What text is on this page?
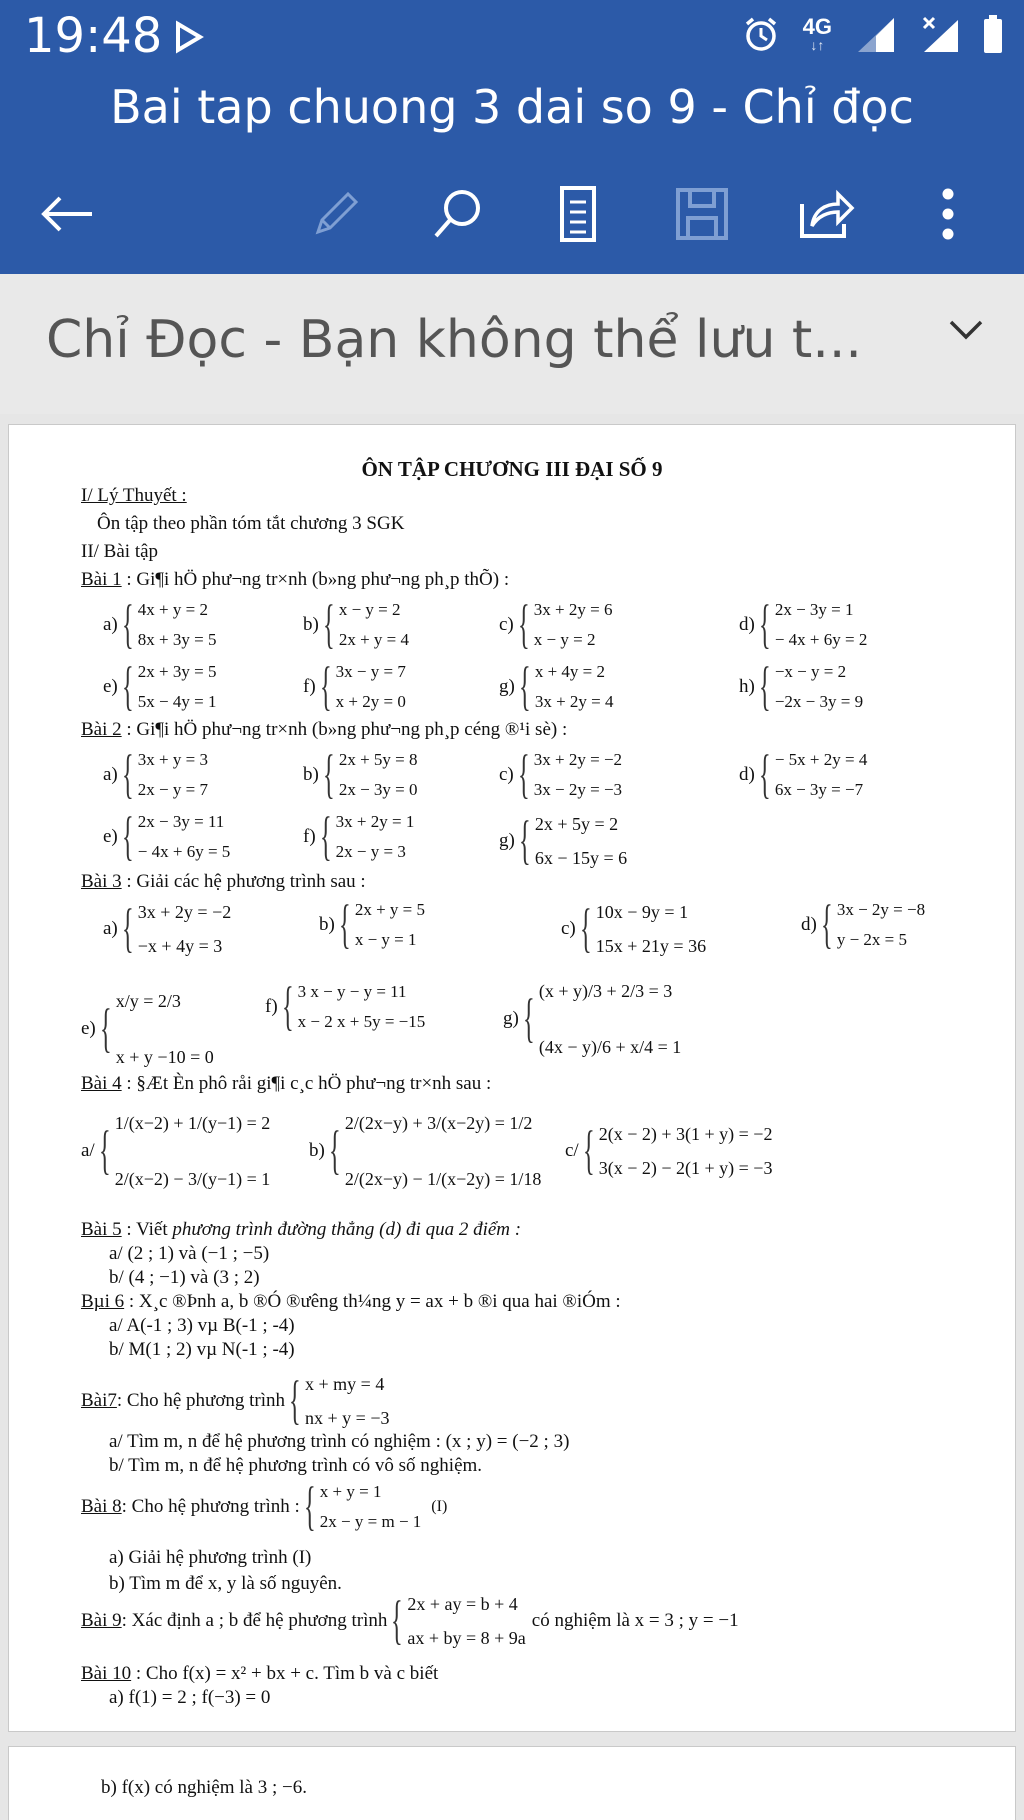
19:48	4G
↓↑
Bai tap chuong 3 dai so 9 - Chỉ đọc
Chỉ Đọc - Bạn không thể lưu t...
ÔN TẬP CHƯƠNG III ĐẠI SỐ 9
I/ Lý Thuyết :
Ôn tập theo phần tóm tắt chương 3 SGK
II/ Bài tập
Bài 1 : Gi¶i hÖ phư¬ng tr×nh (b»ng phư¬ng ph¸p thÕ) :
a) { 4x + y = 2
8x + 3y = 5
b) { x − y = 2
2x + y = 4
c) { 3x + 2y = 6
x − y = 2
d) { 2x − 3y = 1
− 4x + 6y = 2
e) { 2x + 3y = 5
5x − 4y = 1
f) { 3x − y = 7
x + 2y = 0
g) { x + 4y = 2
3x + 2y = 4
h) { −x − y = 2
−2x − 3y = 9
Bài 2 : Gi¶i hÖ phư¬ng tr×nh (b»ng phư¬ng ph¸p céng ®¹i sè) :
a) { 3x + y = 3
2x − y = 7
b) { 2x + 5y = 8
2x − 3y = 0
c) { 3x + 2y = −2
3x − 2y = −3
d) { − 5x + 2y = 4
6x − 3y = −7
e) { 2x − 3y = 11
− 4x + 6y = 5
f) { 3x + 2y = 1
2x − y = 3
g) { 2x + 5y = 2
6x − 15y = 6
Bài 3 : Giải các hệ phương trình sau :
a) { 3x + 2y = −2
−x + 4y = 3
b) { 2x + y = 5
x − y = 1
c) { 10x − 9y = 1
15x + 21y = 36
d) { 3x − 2y = −8
y − 2x = 5
e) { x/y = 2/3
x + y −10 = 0
f) { 3 x − y − y = 11
x − 2 x + 5y = −15	g) { (x + y)/3 + 2/3 = 3
(4x − y)/6 + x/4 = 1
Bài 4 : §Æt Èn phô råi gi¶i c¸c hÖ phư¬ng tr×nh sau :
a/ { 1/(x−2) + 1/(y−1) = 2
2/(x−2) − 3/(y−1) = 1
b) { 2/(2x−y) + 3/(x−2y) = 1/2
2/(2x−y) − 1/(x−2y) = 1/18
c/ { 2(x − 2) + 3(1 + y) = −2
3(x − 2) − 2(1 + y) = −3
Bài 5 : Viết phương trình đường thẳng (d) đi qua 2 điểm :
a/ (2 ; 1) và (−1 ; −5)
b/ (4 ; −1) và (3 ; 2)
Bµi 6 : X¸c ®Þnh a, b ®Ó ®ưêng th¼ng y = ax + b ®i qua hai ®iÓm :
a/ A(-1 ; 3) vµ B(-1 ; -4)
b/ M(1 ; 2) vµ N(-1 ; -4)
Bài7 : Cho hệ phương trình { x + my = 4
nx + y = −3
a/ Tìm m, n để hệ phương trình có nghiệm : (x ; y) = (−2 ; 3)
b/ Tìm m, n để hệ phương trình có vô số nghiệm.
Bài 8 : Cho hệ phương trình : { x + y = 1
2x − y = m − 1
(I)
a) Giải hệ phương trình (I)
b) Tìm m để x, y là số nguyên.
Bài 9 : Xác định a ; b để hệ phương trình { 2x + ay = b + 4
ax + by = 8 + 9a
có nghiệm là x = 3 ; y = −1
Bài 10 : Cho f(x) = x² + bx + c. Tìm b và c biết
a) f(1) = 2 ; f(−3) = 0
b) f(x) có nghiệm là 3 ; −6.
